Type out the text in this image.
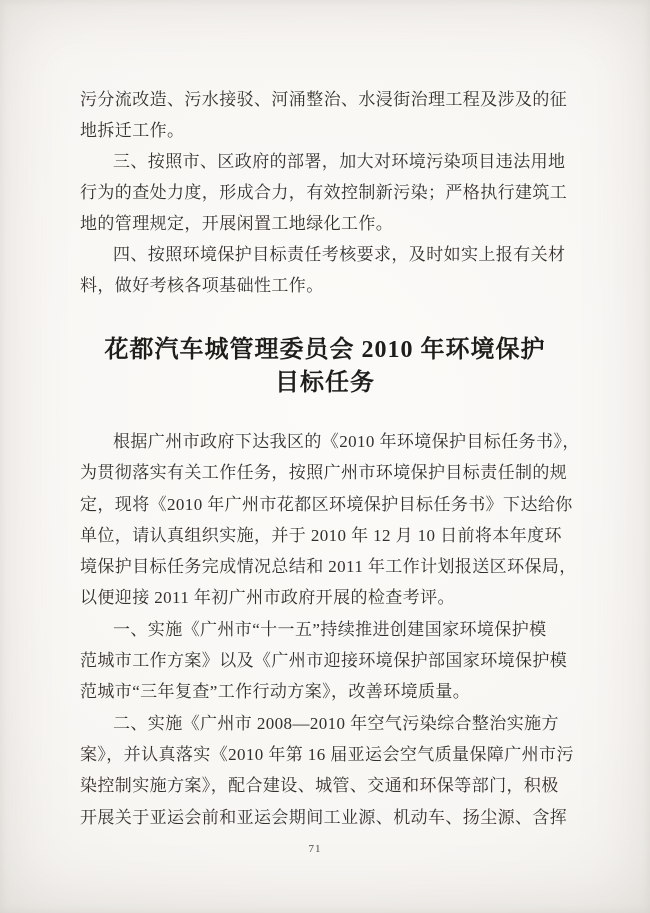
污分流改造、污水接驳、河涌整治、水浸街治理工程及涉及的征
地拆迁工作。
三、按照市、区政府的部署，加大对环境污染项目违法用地
行为的查处力度，形成合力，有效控制新污染；严格执行建筑工
地的管理规定，开展闲置工地绿化工作。
四、按照环境保护目标责任考核要求，及时如实上报有关材
料，做好考核各项基础性工作。
花都汽车城管理委员会 2010 年环境保护
目标任务
根据广州市政府下达我区的《2010 年环境保护目标任务书》，
为贯彻落实有关工作任务，按照广州市环境保护目标责任制的规
定，现将《2010 年广州市花都区环境保护目标任务书》下达给你
单位，请认真组织实施，并于 2010 年 12 月 10 日前将本年度环
境保护目标任务完成情况总结和 2011 年工作计划报送区环保局，
以便迎接 2011 年初广州市政府开展的检查考评。
一、实施《广州市“十一五”持续推进创建国家环境保护模
范城市工作方案》以及《广州市迎接环境保护部国家环境保护模
范城市“三年复查”工作行动方案》，改善环境质量。
二、实施《广州市 2008—2010 年空气污染综合整治实施方
案》，并认真落实《2010 年第 16 届亚运会空气质量保障广州市污
染控制实施方案》，配合建设、城管、交通和环保等部门，积极
开展关于亚运会前和亚运会期间工业源、机动车、扬尘源、含挥
71
